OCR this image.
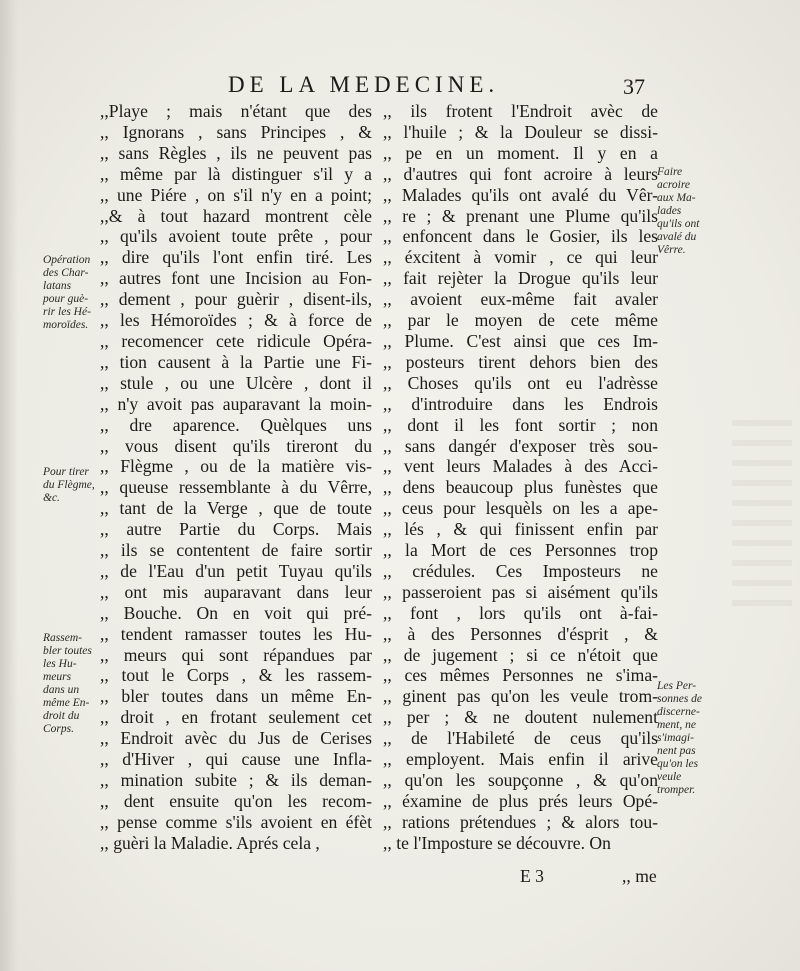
DE LA MEDECINE.	37
,,Playe ; mais n'étant que des
,, Ignorans , sans Principes , &
,, sans Règles , ils ne peuvent pas
,, même par là distinguer s'il y a
,, une Piére , on s'il n'y en a point;
,,& à tout hazard montrent cèle
,, qu'ils avoient toute prête , pour
,, dire qu'ils l'ont enfin tiré. Les
,, autres font une Incision au Fon-
,, dement , pour guèrir , disent-ils,
,, les Hémoroïdes ; & à force de
,, recomencer cete ridicule Opéra-
,, tion causent à la Partie une Fi-
,, stule , ou une Ulcère , dont il
,, n'y avoit pas auparavant la moin-
,, dre aparence. Quèlques uns
,, vous disent qu'ils tireront du
,, Flègme , ou de la matière vis-
,, queuse ressemblante à du Vêrre,
,, tant de la Verge , que de toute
,, autre Partie du Corps. Mais
,, ils se contentent de faire sortir
,, de l'Eau d'un petit Tuyau qu'ils
,, ont mis auparavant dans leur
,, Bouche. On en voit qui pré-
,, tendent ramasser toutes les Hu-
,, meurs qui sont répandues par
,, tout le Corps , & les rassem-
,, bler toutes dans un même En-
,, droit , en frotant seulement cet
,, Endroit avèc du Jus de Cerises
,, d'Hiver , qui cause une Infla-
,, mination subite ; & ils deman-
,, dent ensuite qu'on les recom-
,, pense comme s'ils avoient en éfèt
,, guèri la Maladie. Aprés cela ,
,, ils frotent l'Endroit avèc de
,, l'huile ; & la Douleur se dissi-
,, pe en un moment. Il y en a
,, d'autres qui font acroire à leurs
,, Malades qu'ils ont avalé du Vêr-
,, re ; & prenant une Plume qu'ils
,, enfoncent dans le Gosier, ils les
,, éxcitent à vomir , ce qui leur
,, fait rejèter la Drogue qu'ils leur
,, avoient eux-même fait avaler
,, par le moyen de cete même
,, Plume. C'est ainsi que ces Im-
,, posteurs tirent dehors bien des
,, Choses qu'ils ont eu l'adrèsse
,, d'introduire dans les Endrois
,, dont il les font sortir ; non
,, sans dangér d'exposer très sou-
,, vent leurs Malades à des Acci-
,, dens beaucoup plus funèstes que
,, ceus pour lesquèls on les a ape-
,, lés , & qui finissent enfin par
,, la Mort de ces Personnes trop
,, crédules. Ces Imposteurs ne
,, passeroient pas si aisément qu'ils
,, font , lors qu'ils ont à-fai-
,, à des Personnes d'ésprit , &
,, de jugement ; si ce n'étoit que
,, ces mêmes Personnes ne s'ima-
,, ginent pas qu'on les veule trom-
,, per ; & ne doutent nulement
,, de l'Habileté de ceus qu'ils
,, employent. Mais enfin il arive
,, qu'on les soupçonne , & qu'on
,, éxamine de plus prés leurs Opé-
,, rations prétendues ; & alors tou-
,, te l'Imposture se découvre. On
Opération
des Char-
latans
pour guè-
rir les Hé-
moroïdes.
Pour tirer
du Flègme,
&c.
Rassem-
bler toutes
les Hu-
meurs
dans un
même En-
droit du
Corps.
Faire
acroire
aux Ma-
lades
qu'ils ont
avalé du
Vêrre.
Les Per-
sonnes de
discerne-
ment, ne
s'imagi-
nent pas
qu'on les
veule
tromper.
E 3	,, me
